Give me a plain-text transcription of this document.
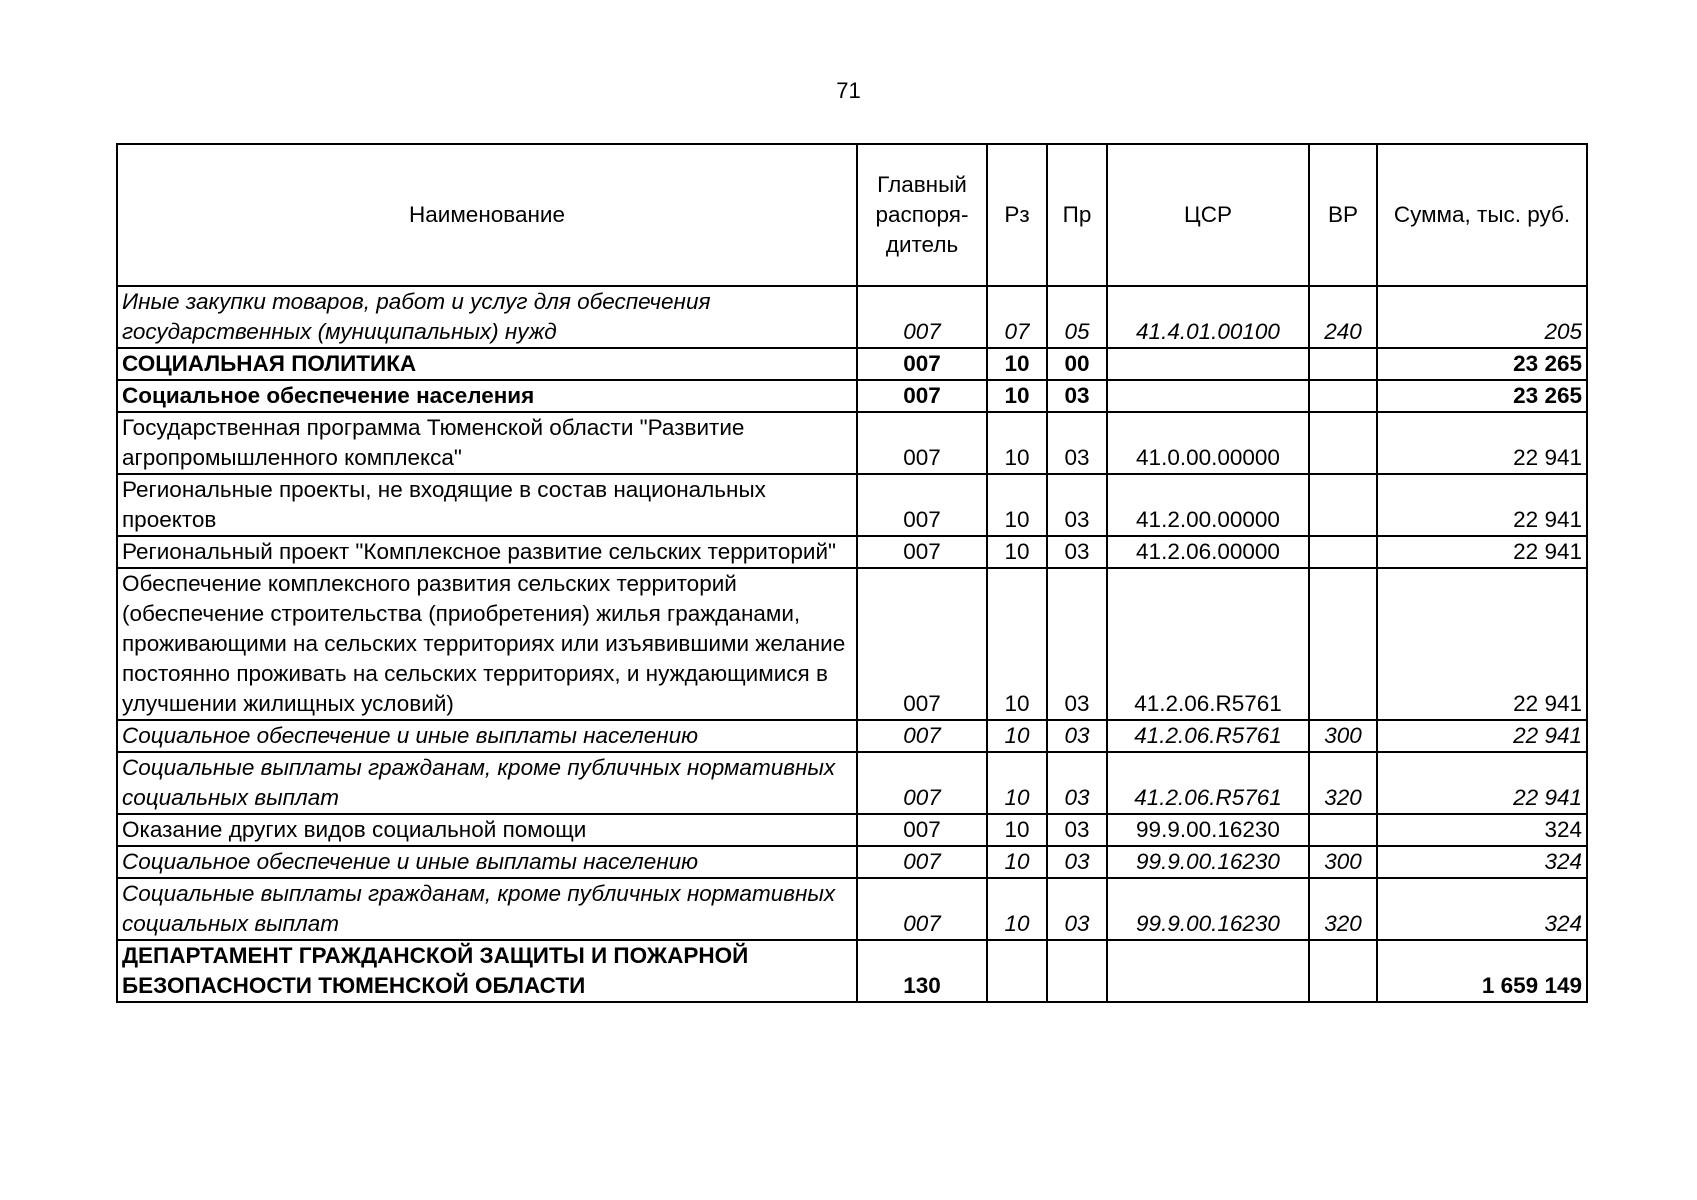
71
Наименование	Главный распоря-дитель	Рз	Пр	ЦСР	ВР	Сумма, тыс. руб.
Иные закупки товаров, работ и услуг для обеспечения государственных (муниципальных) нужд	007	07	05	41.4.01.00100	240	205
СОЦИАЛЬНАЯ ПОЛИТИКА	007	10	00			23 265
Социальное обеспечение населения	007	10	03			23 265
Государственная программа Тюменской области "Развитие агропромышленного комплекса"	007	10	03	41.0.00.00000		22 941
Региональные проекты, не входящие в состав национальных проектов	007	10	03	41.2.00.00000		22 941
Региональный проект "Комплексное развитие сельских территорий"	007	10	03	41.2.06.00000		22 941
Обеспечение комплексного развития сельских территорий (обеспечение строительства (приобретения) жилья гражданами, проживающими на сельских территориях или изъявившими желание постоянно проживать на сельских территориях, и нуждающимися в улучшении жилищных условий)	007	10	03	41.2.06.R5761		22 941
Социальное обеспечение и иные выплаты населению	007	10	03	41.2.06.R5761	300	22 941
Социальные выплаты гражданам, кроме публичных нормативных социальных выплат	007	10	03	41.2.06.R5761	320	22 941
Оказание других видов социальной помощи	007	10	03	99.9.00.16230		324
Социальное обеспечение и иные выплаты населению	007	10	03	99.9.00.16230	300	324
Социальные выплаты гражданам, кроме публичных нормативных социальных выплат	007	10	03	99.9.00.16230	320	324
ДЕПАРТАМЕНТ ГРАЖДАНСКОЙ ЗАЩИТЫ И ПОЖАРНОЙ БЕЗОПАСНОСТИ ТЮМЕНСКОЙ ОБЛАСТИ	130					1 659 149
